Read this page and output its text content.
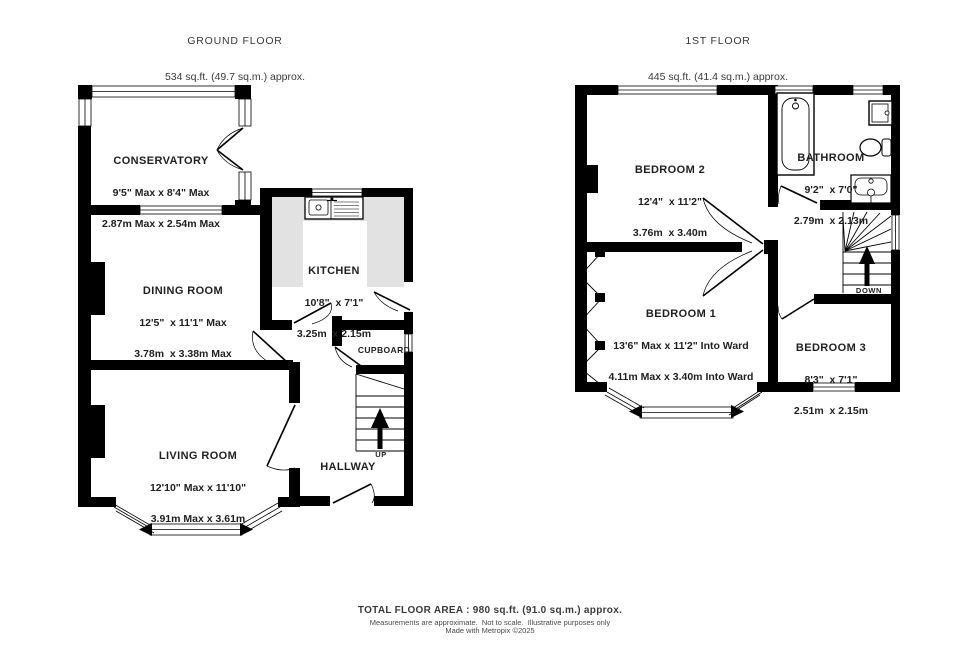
GROUND FLOOR

534 sq.ft. (49.7 sq.m.) approx.

1ST FLOOR

445 sq.ft. (41.4 sq.m.) approx.

CONSERVATORY

9'5" Max x 8'4" Max

2.87m Max x 2.54m Max

DINING ROOM

12'5"  x 11'1" Max

3.78m  x 3.38m Max

KITCHEN

10'8"  x 7'1"

3.25m  x 2.15m

LIVING ROOM

12'10" Max x 11'10"

3.91m Max x 3.61m

CUPBOARD

HALLWAY

UP

BEDROOM 2

12'4"  x 11'2"

3.76m  x 3.40m

BATHROOM

9'2"  x 7'0"

2.79m  x 2.13m

BEDROOM 1

13'6" Max x 11'2" Into Ward

4.11m Max x 3.40m Into Ward

BEDROOM 3

8'3"  x 7'1"

2.51m  x 2.15m

DOWN
TOTAL FLOOR AREA : 980 sq.ft. (91.0 sq.m.) approx.
Measurements are approximate.  Not to scale.  Illustrative purposes only
Made with Metropix ©2025
